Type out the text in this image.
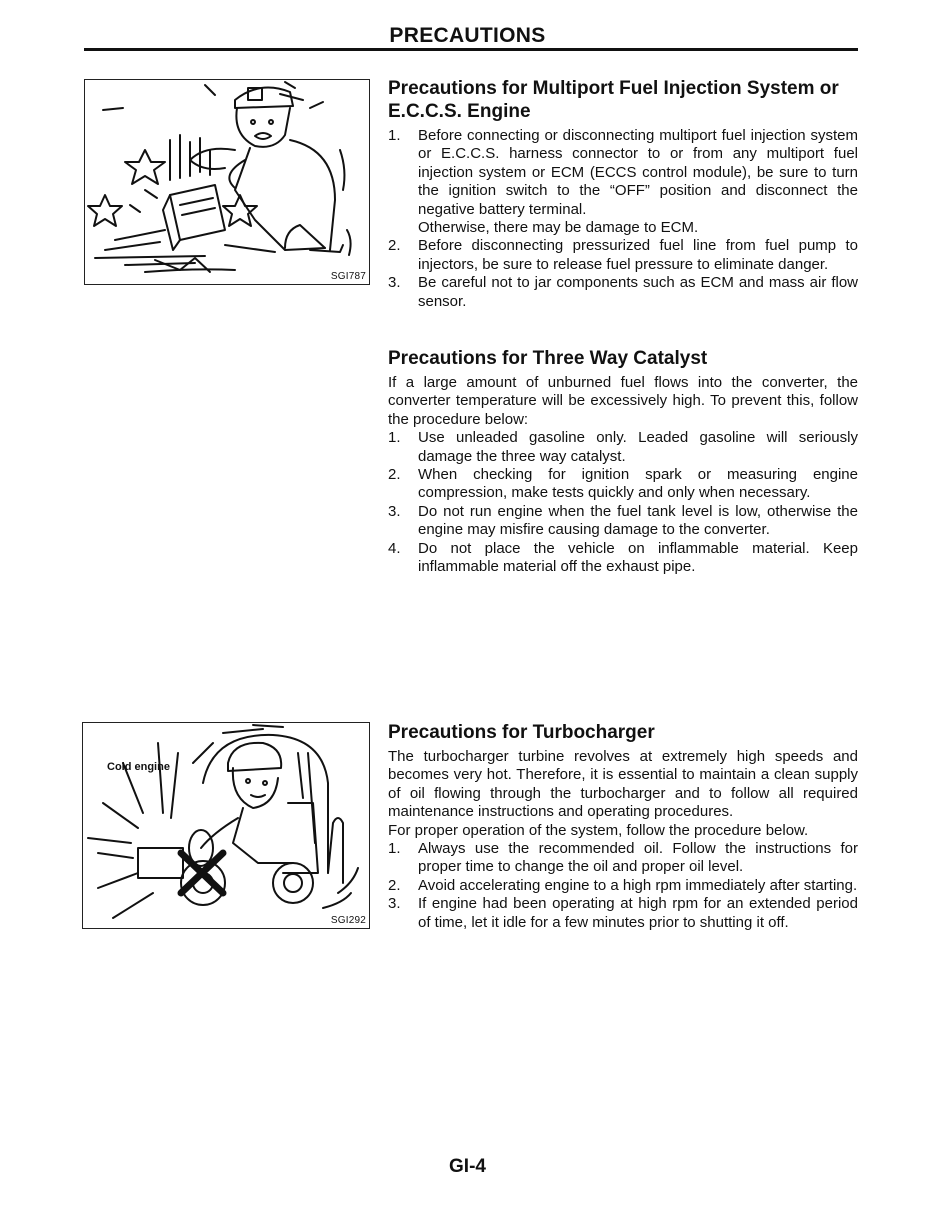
PRECAUTIONS
SGI787
Cold engine
SGI292
Precautions for Multiport Fuel Injection System or E.C.C.S. Engine
1. Before connecting or disconnecting multiport fuel injection system or E.C.C.S. harness connector to or from any multiport fuel injection system or ECM (ECCS control module), be sure to turn the ignition switch to the “OFF” position and disconnect the negative battery terminal.
Otherwise, there may be damage to ECM.
2. Before disconnecting pressurized fuel line from fuel pump to injectors, be sure to release fuel pressure to eliminate danger.
3. Be careful not to jar components such as ECM and mass air flow sensor.
Precautions for Three Way Catalyst

If a large amount of unburned fuel flows into the converter, the converter temperature will be excessively high. To prevent this, follow the procedure below:

1. Use unleaded gasoline only. Leaded gasoline will seriously damage the three way catalyst.
2. When checking for ignition spark or measuring engine compression, make tests quickly and only when necessary.
3. Do not run engine when the fuel tank level is low, otherwise the engine may misfire causing damage to the converter.
4. Do not place the vehicle on inflammable material. Keep inflammable material off the exhaust pipe.
Precautions for Turbocharger

The turbocharger turbine revolves at extremely high speeds and becomes very hot. Therefore, it is essential to maintain a clean supply of oil flowing through the turbocharger and to follow all required maintenance instructions and operating procedures.

For proper operation of the system, follow the procedure below.

1. Always use the recommended oil. Follow the instructions for proper time to change the oil and proper oil level.
2. Avoid accelerating engine to a high rpm immediately after starting.
3. If engine had been operating at high rpm for an extended period of time, let it idle for a few minutes prior to shutting it off.
GI-4
